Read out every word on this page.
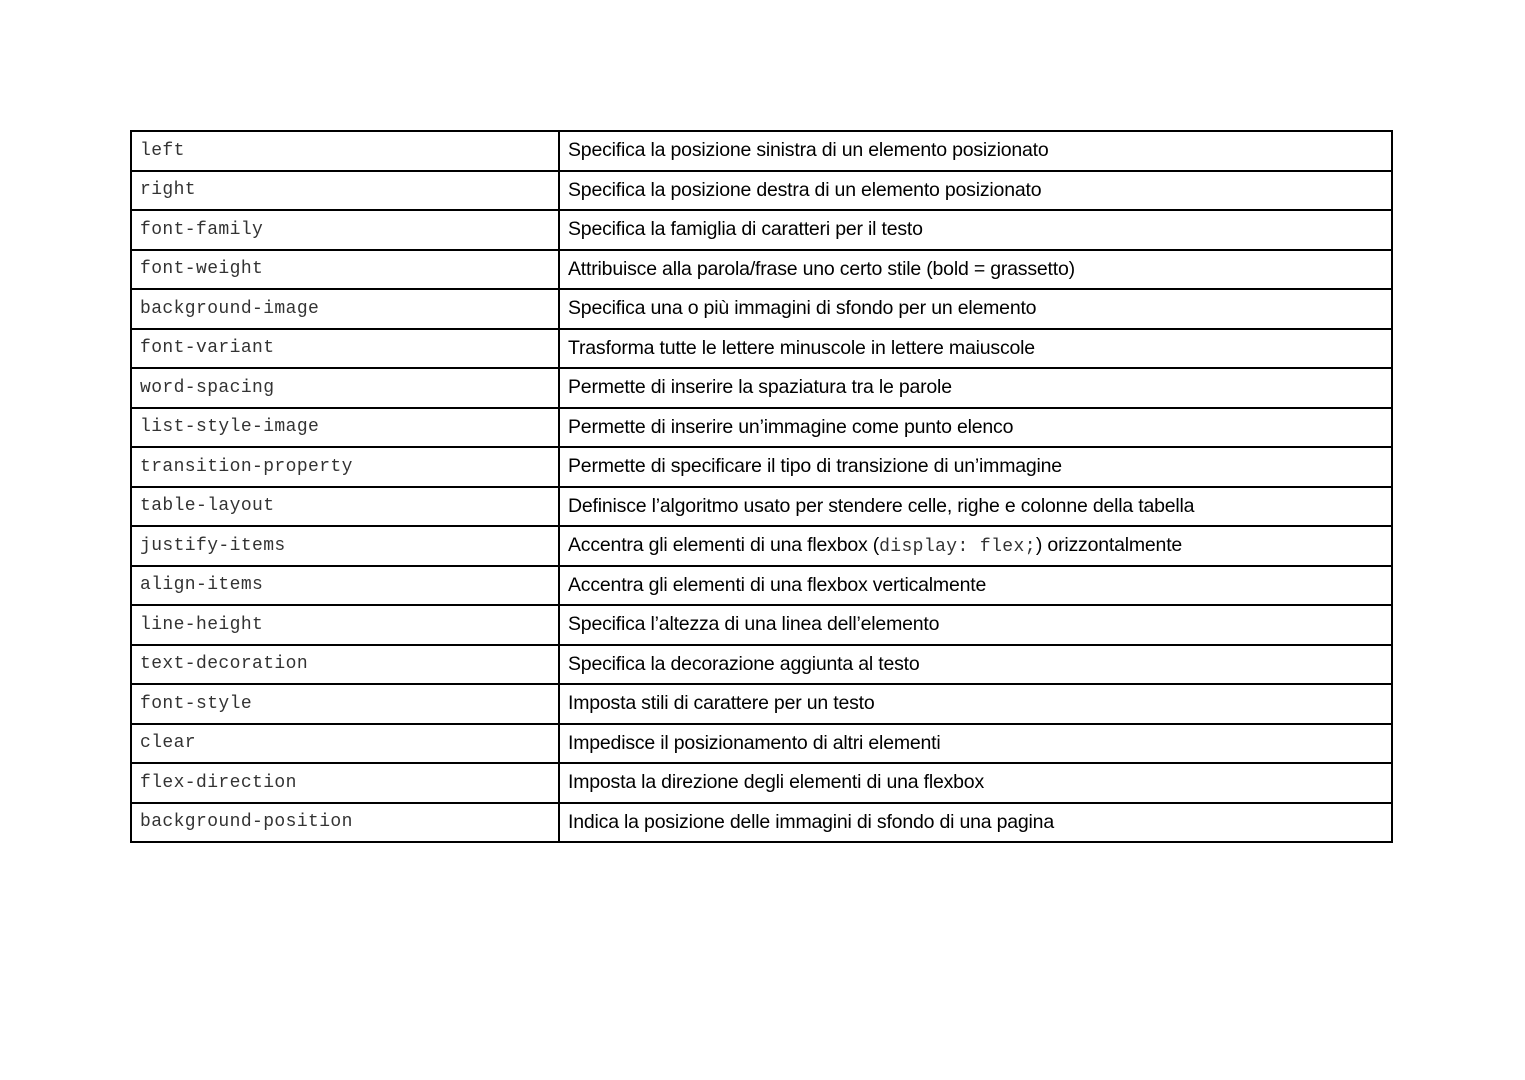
left	Specifica la posizione sinistra di un elemento posizionato
right	Specifica la posizione destra di un elemento posizionato
font-family	Specifica la famiglia di caratteri per il testo
font-weight	Attribuisce alla parola/frase uno certo stile (bold = grassetto)
background-image	Specifica una o più immagini di sfondo per un elemento
font-variant	Trasforma tutte le lettere minuscole in lettere maiuscole
word-spacing	Permette di inserire la spaziatura tra le parole
list-style-image	Permette di inserire un’immagine come punto elenco
transition-property	Permette di specificare il tipo di transizione di un’immagine
table-layout	Definisce l’algoritmo usato per stendere celle, righe e colonne della tabella
justify-items	Accentra gli elementi di una flexbox (display: flex;) orizzontalmente
align-items	Accentra gli elementi di una flexbox verticalmente
line-height	Specifica l’altezza di una linea dell’elemento
text-decoration	Specifica la decorazione aggiunta al testo
font-style	Imposta stili di carattere per un testo
clear	Impedisce il posizionamento di altri elementi
flex-direction	Imposta la direzione degli elementi di una flexbox
background-position	Indica la posizione delle immagini di sfondo di una pagina
